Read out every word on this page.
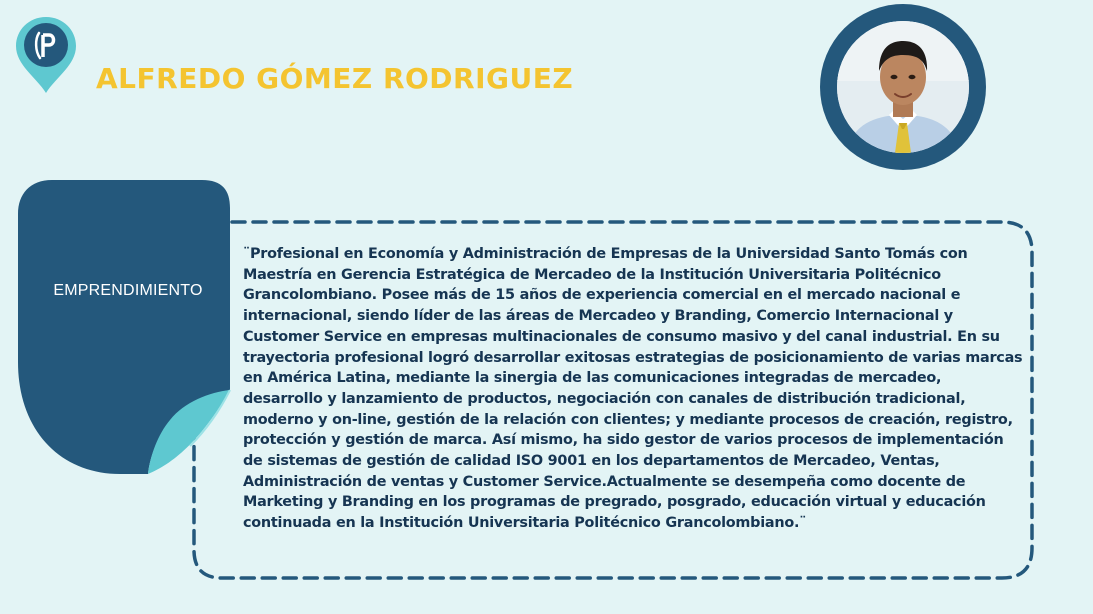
ALFREDO GÓMEZ RODRIGUEZ
EMPRENDIMIENTO

¨Profesional en Economía y Administración de Empresas de la Universidad Santo Tomás con Maestría en Gerencia Estratégica de Mercadeo de la Institución Universitaria Politécnico Grancolombiano. Posee más de 15 años de experiencia comercial en el mercado nacional e internacional, siendo líder de las áreas de Mercadeo y Branding, Comercio Internacional y Customer Service en empresas multinacionales de consumo masivo y del canal industrial. En su trayectoria profesional logró desarrollar exitosas estrategias de posicionamiento de varias marcas en América Latina, mediante la sinergia de las comunicaciones integradas de mercadeo, desarrollo y lanzamiento de productos, negociación con canales de distribución tradicional, moderno y on-line, gestión de la relación con clientes; y mediante procesos de creación, registro, protección y gestión de marca. Así mismo, ha sido gestor de varios procesos de implementación de sistemas de gestión de calidad ISO 9001 en los departamentos de Mercadeo, Ventas, Administración de ventas y Customer Service.Actualmente se desempeña como docente de Marketing y Branding en los programas de pregrado, posgrado, educación virtual y educación continuada en la Institución Universitaria Politécnico Grancolombiano.¨
